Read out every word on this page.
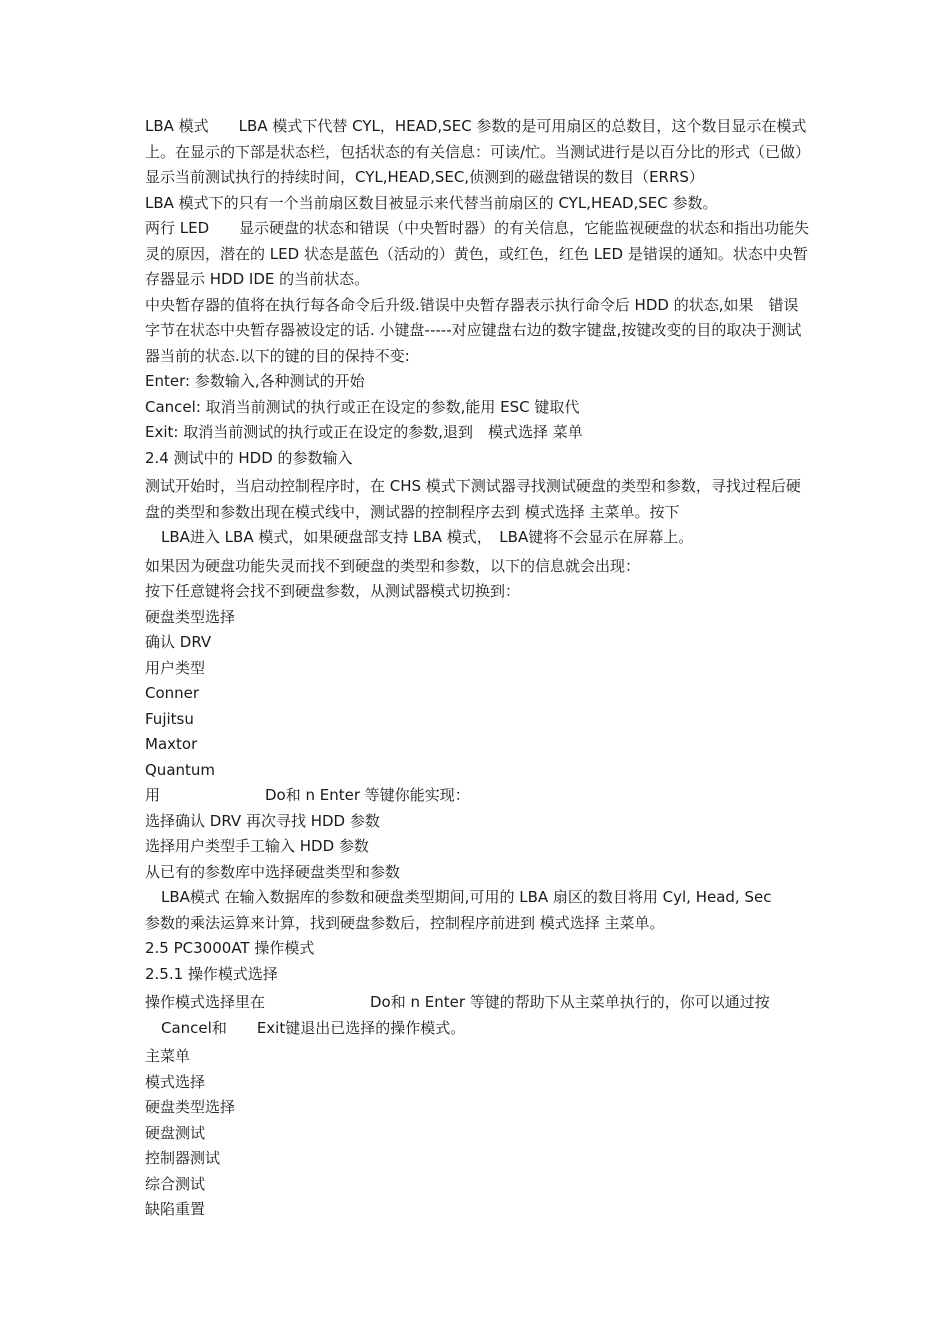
LBA 模式　　LBA 模式下代替 CYL，HEAD,SEC 参数的是可用扇区的总数目，这个数目显示在模式上。在显示的下部是状态栏，包括状态的有关信息：可读/忙。当测试进行是以百分比的形式（已做）显示当前测试执行的持续时间，CYL,HEAD,SEC,侦测到的磁盘错误的数目（ERRS）

LBA 模式下的只有一个当前扇区数目被显示来代替当前扇区的 CYL,HEAD,SEC 参数。

两行 LED　　显示硬盘的状态和错误（中央暂时器）的有关信息，它能监视硬盘的状态和指出功能失灵的原因，潜在的 LED 状态是蓝色（活动的）黄色，或红色，红色 LED 是错误的通知。状态中央暂存器显示 HDD IDE 的当前状态。

中央暂存器的值将在执行每各命令后升级.错误中央暂存器表示执行命令后 HDD 的状态,如果　错误 字节在状态中央暂存器被设定的话. 小键盘-----对应键盘右边的数字键盘,按键改变的目的取决于测试器当前的状态.以下的键的目的保持不变:

Enter: 参数输入,各种测试的开始

Cancel: 取消当前测试的执行或正在设定的参数,能用 ESC 键取代

Exit: 取消当前测试的执行或正在设定的参数,退到　模式选择 菜单

2.4 测试中的 HDD 的参数输入

测试开始时，当启动控制程序时，在 CHS 模式下测试器寻找测试硬盘的类型和参数，寻找过程后硬盘的类型和参数出现在模式线中，测试器的控制程序去到 模式选择 主菜单。按下

LBA进入 LBA 模式，如果硬盘部支持 LBA 模式，　LBA键将不会显示在屏幕上。

如果因为硬盘功能失灵而找不到硬盘的类型和参数，以下的信息就会出现：

按下任意键将会找不到硬盘参数，从测试器模式切换到：

硬盘类型选择

确认 DRV

用户类型

Conner

Fujitsu

Maxtor

Quantum

用　　　　　　　Do和 n Enter 等键你能实现：

选择确认 DRV 再次寻找 HDD 参数

选择用户类型手工输入 HDD 参数

从已有的参数库中选择硬盘类型和参数

LBA模式 在输入数据库的参数和硬盘类型期间,可用的 LBA 扇区的数目将用 Cyl, Head, Sec

参数的乘法运算来计算，找到硬盘参数后，控制程序前进到 模式选择 主菜单。

2.5 PC3000AT 操作模式

2.5.1 操作模式选择

操作模式选择里在　　　　　　　Do和 n Enter 等键的帮助下从主菜单执行的，你可以通过按

Cancel和　　Exit键退出已选择的操作模式。

主菜单

模式选择

硬盘类型选择

硬盘测试

控制器测试

综合测试

缺陷重置
